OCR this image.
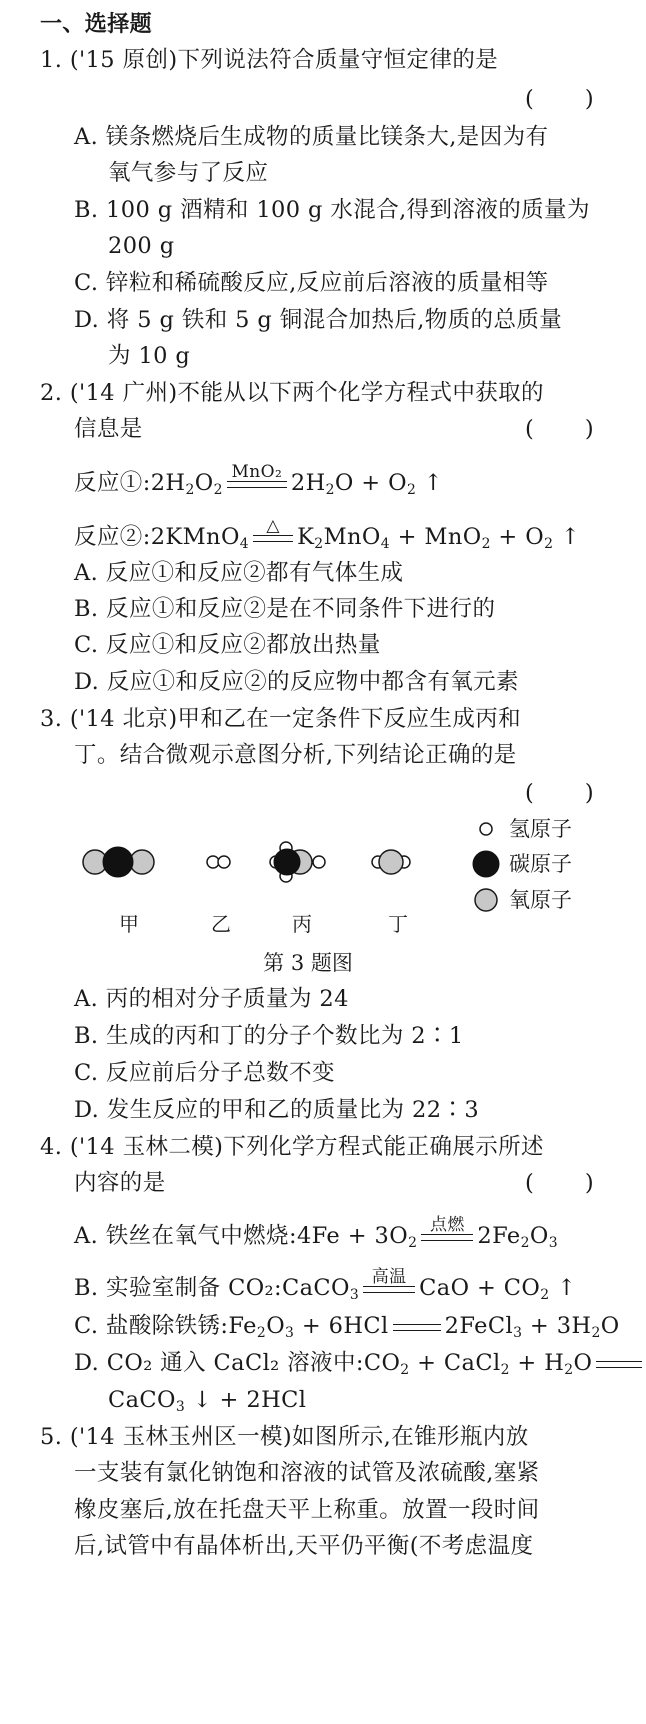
一、选择题
1. ('15 原创)下列说法符合质量守恒定律的是
( )
A. 镁条燃烧后生成物的质量比镁条大,是因为有
氧气参与了反应
B. 100 g 酒精和 100 g 水混合,得到溶液的质量为
200 g
C. 锌粒和稀硫酸反应,反应前后溶液的质量相等
D. 将 5 g 铁和 5 g 铜混合加热后,物质的总质量
为 10 g
2. ('14 广州)不能从以下两个化学方程式中获取的
信息是	( )
反应$①:2H_2O_2$
MnO₂ $2H_2O + O_2$ ↑
反应②:2KMnO$_4$
△ $K_2MnO_4 + MnO_2 + O_2$ ↑
A. 反应①和反应②都有气体生成
B. 反应①和反应②是在不同条件下进行的
C. 反应①和反应②都放出热量
D. 反应①和反应②的反应物中都含有氧元素
3. ('14 北京)甲和乙在一定条件下反应生成丙和
丁。结合微观示意图分析,下列结论正确的是
( )
氢原子
碳原子
氧原子
甲	乙	丙	丁
第 3 题图
A. 丙的相对分子质量为 24
B. 生成的丙和丁的分子个数比为 2∶1
C. 反应前后分子总数不变
D. 发生反应的甲和乙的质量比为 22∶3
4. ('14 玉林二模)下列化学方程式能正确展示所述
内容的是	( )
A. 铁丝在氧气中燃烧:4Fe + $3O_2$
点燃 $2Fe_2O_3$
B. 实验室制备 CO₂:CaCO$_3$
高温 CaO + $CO_2$ ↑
C. 盐酸除铁锈$:Fe_2O_3 + 6HCl$ 2FeCl$_3$ + $3H_2O$
D. CO₂ 通入 CaCl₂ 溶液中$:CO_2$ + CaCl$_2$ + $H_2O$
CaCO$_3$ ↓ + 2HCl
5. ('14 玉林玉州区一模)如图所示,在锥形瓶内放
一支装有氯化钠饱和溶液的试管及浓硫酸,塞紧
橡皮塞后,放在托盘天平上称重。放置一段时间
后,试管中有晶体析出,天平仍平衡(不考虑温度
